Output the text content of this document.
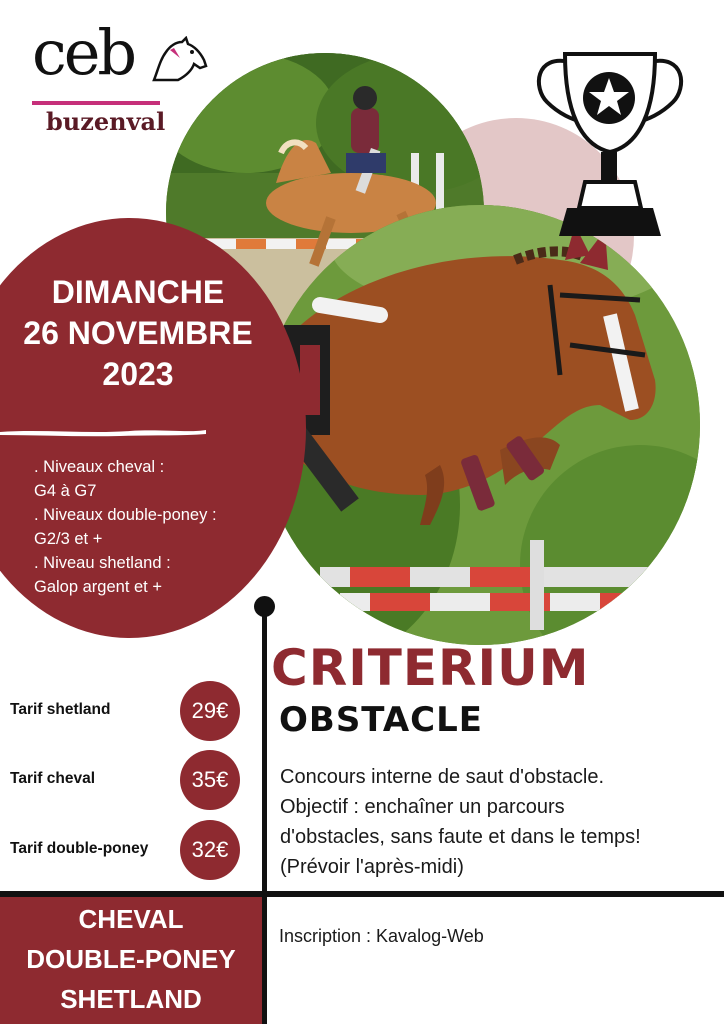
ceb
buzenval
DIMANCHE
26 NOVEMBRE
2023
. Niveaux cheval :
G4 à G7
. Niveaux double-poney :
G2/3 et +
. Niveau shetland :
Galop argent et +
CRITERIUM
OBSTACLE
Concours interne de saut d'obstacle.
Objectif : enchaîner un parcours
d'obstacles, sans faute et dans le temps!
(Prévoir l'après-midi)
Tarif shetland	29€
Tarif cheval	35€
Tarif double-poney	32€
CHEVAL
DOUBLE-PONEY
SHETLAND
Inscription : Kavalog-Web
